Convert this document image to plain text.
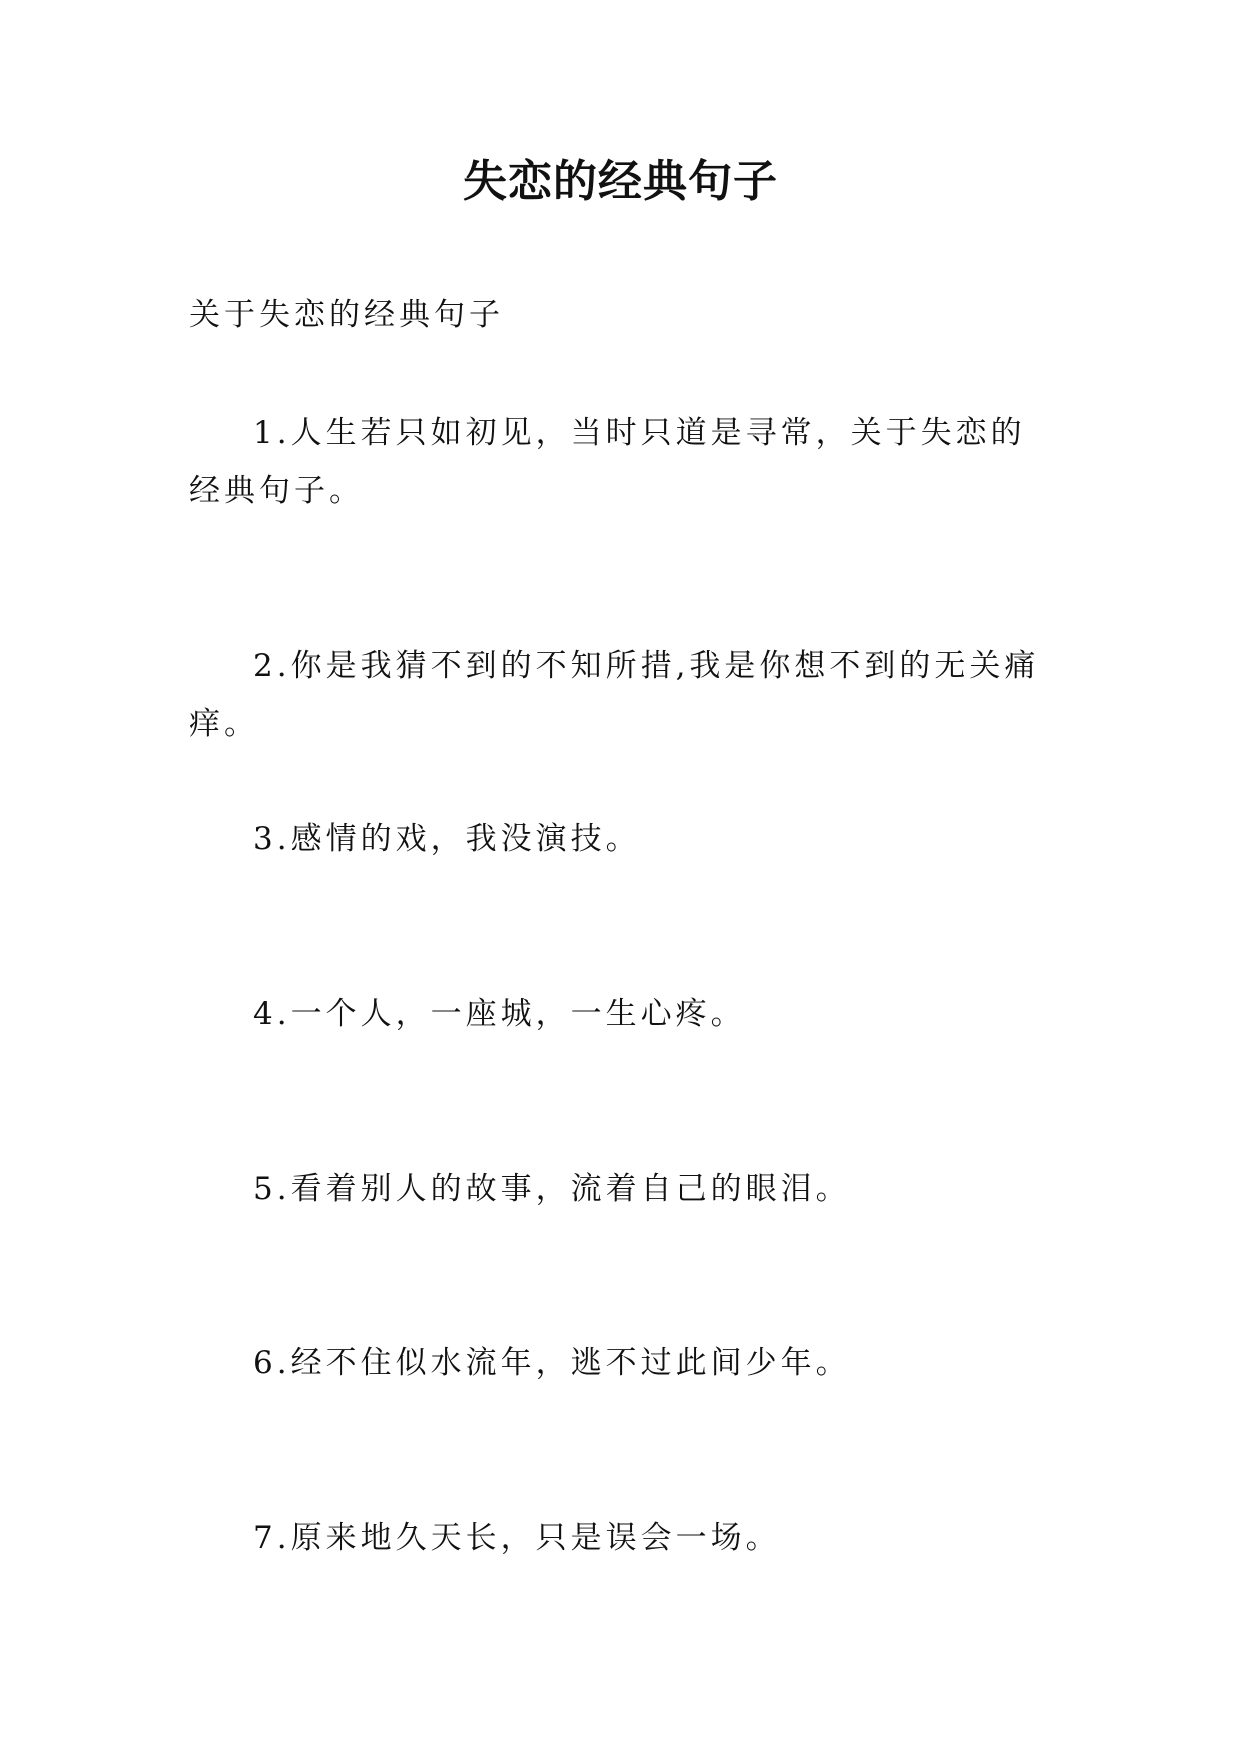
失恋的经典句子
关于失恋的经典句子
1.人生若只如初见，当时只道是寻常，关于失恋的经典句子。
2.你是我猜不到的不知所措,我是你想不到的无关痛痒。
3.感情的戏，我没演技。
4.一个人，一座城，一生心疼。
5.看着别人的故事，流着自己的眼泪。
6.经不住似水流年，逃不过此间少年。
7.原来地久天长，只是误会一场。
